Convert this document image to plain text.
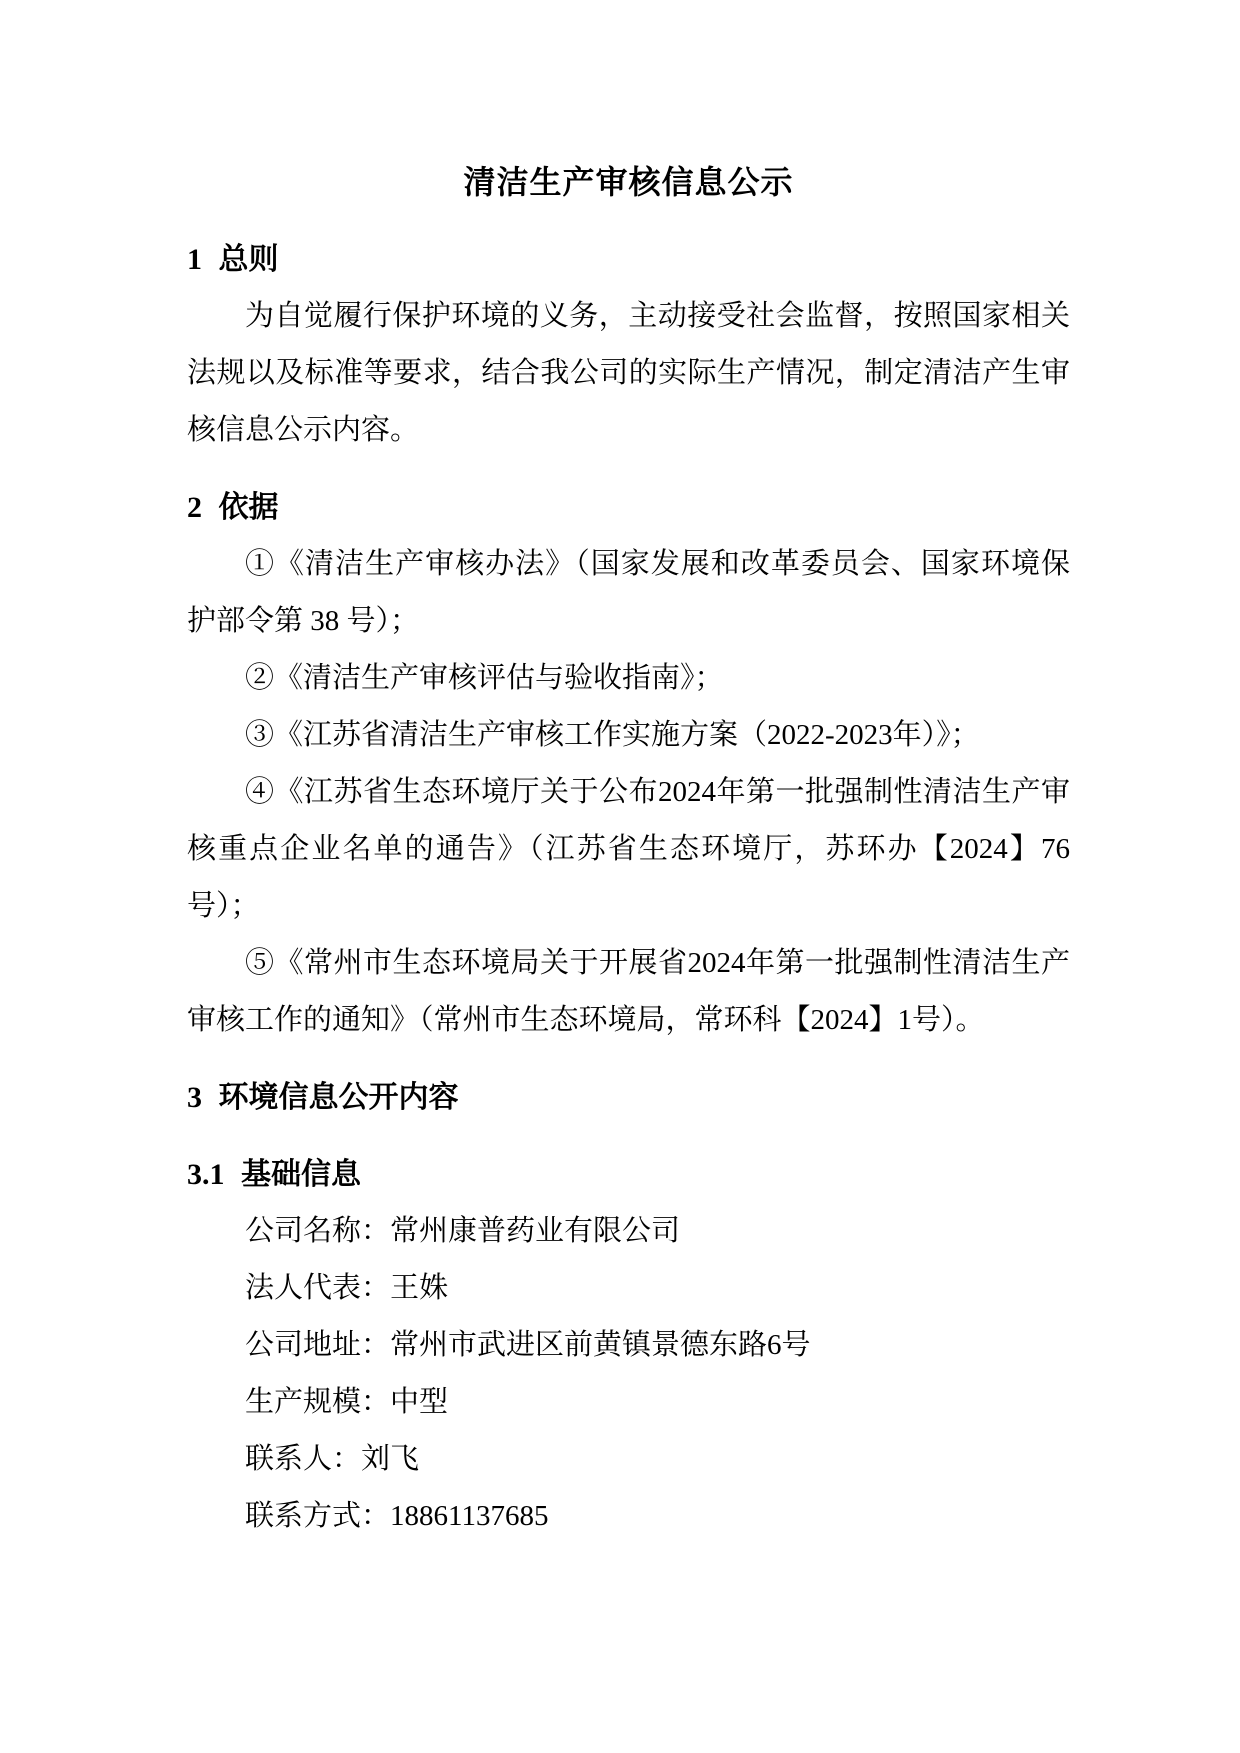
清洁生产审核信息公示
1 总则

为自觉履行保护环境的义务，主动接受社会监督，按照国家相关法规以及标准等要求，结合我公司的实际生产情况，制定清洁产生审核信息公示内容。

2 依据

①《清洁生产审核办法》（国家发展和改革委员会、国家环境保护部令第 38 号）；

②《清洁生产审核评估与验收指南》；

③《江苏省清洁生产审核工作实施方案（2022-2023年）》；

④《江苏省生态环境厅关于公布2024年第一批强制性清洁生产审核重点企业名单的通告》（江苏省生态环境厅，苏环办【2024】76号）；

⑤《常州市生态环境局关于开展省2024年第一批强制性清洁生产审核工作的通知》（常州市生态环境局，常环科【2024】1号）。

3 环境信息公开内容
3.1 基础信息

公司名称：常州康普药业有限公司

法人代表：王姝

公司地址：常州市武进区前黄镇景德东路6号

生产规模：中型

联系人：刘飞

联系方式：18861137685
